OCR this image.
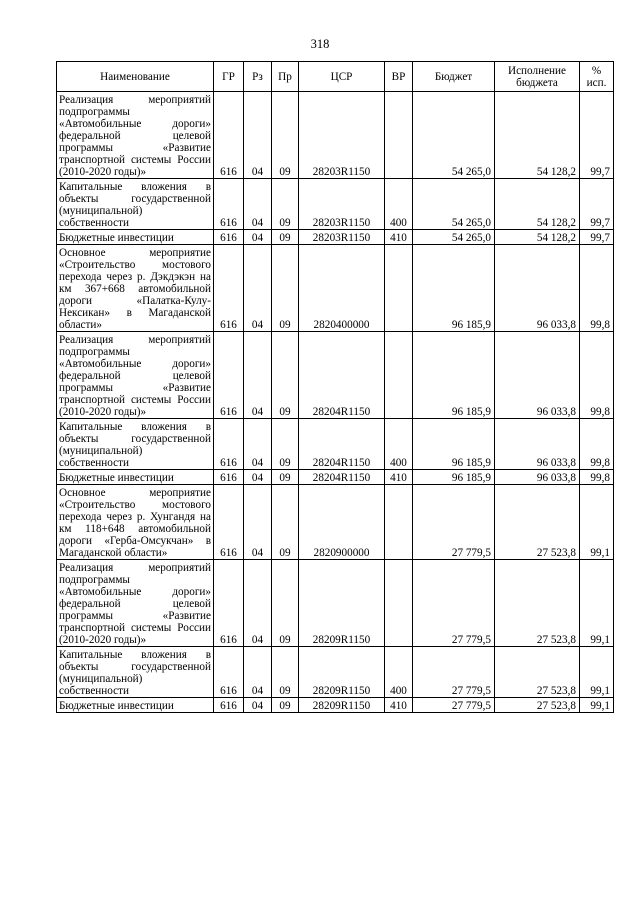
318
Наименование	ГР	Рз	Пр	ЦСР	ВР	Бюджет	Исполнение бюджета	% исп.
Реализация мероприятий подпрограммы «Автомобильные дороги» федеральной целевой программы «Развитие транспортной системы России (2010-2020 годы)»	616	04	09	28203R1150		54 265,0	54 128,2	99,7
Капитальные вложения в объекты государственной (муниципальной) собственности	616	04	09	28203R1150	400	54 265,0	54 128,2	99,7
Бюджетные инвестиции	616	04	09	28203R1150	410	54 265,0	54 128,2	99,7
Основное мероприятие «Строительство мостового перехода через р. Дэкдэкэн на км 367+668 автомобильной дороги «Палатка-Кулу-Нексикан» в Магаданской области»	616	04	09	2820400000		96 185,9	96 033,8	99,8
Реализация мероприятий подпрограммы «Автомобильные дороги» федеральной целевой программы «Развитие транспортной системы России (2010-2020 годы)»	616	04	09	28204R1150		96 185,9	96 033,8	99,8
Капитальные вложения в объекты государственной (муниципальной) собственности	616	04	09	28204R1150	400	96 185,9	96 033,8	99,8
Бюджетные инвестиции	616	04	09	28204R1150	410	96 185,9	96 033,8	99,8
Основное мероприятие «Строительство мостового перехода через р. Хунгандя на км 118+648 автомобильной дороги «Герба-Омсукчан» в Магаданской области»	616	04	09	2820900000		27 779,5	27 523,8	99,1
Реализация мероприятий подпрограммы «Автомобильные дороги» федеральной целевой программы «Развитие транспортной системы России (2010-2020 годы)»	616	04	09	28209R1150		27 779,5	27 523,8	99,1
Капитальные вложения в объекты государственной (муниципальной) собственности	616	04	09	28209R1150	400	27 779,5	27 523,8	99,1
Бюджетные инвестиции	616	04	09	28209R1150	410	27 779,5	27 523,8	99,1
